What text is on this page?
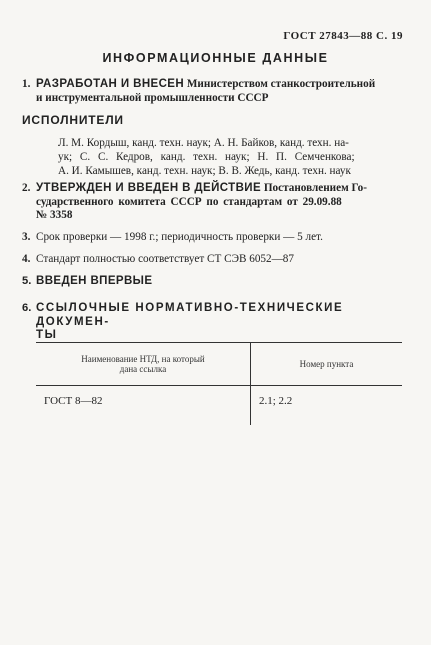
ГОСТ 27843—88 С. 19
ИНФОРМАЦИОННЫЕ ДАННЫЕ
1. РАЗРАБОТАН И ВНЕСЕН Министерством станкостроительной
и инструментальной промышленности СССР
ИСПОЛНИТЕЛИ
Л. М. Кордыш, канд. техн. наук; А. Н. Байков, канд. техн. на-
ук; С. С. Кедров, канд. техн. наук; Н. П. Семченкова;
А. И. Камышев, канд. техн. наук; В. В. Жедь, канд. техн. наук
2. УТВЕРЖДЕН И ВВЕДЕН В ДЕЙСТВИЕ Постановлением Го-
сударственного комитета СССР по стандартам от 29.09.88
№ 3358
3. Срок проверки — 1998 г.; периодичность проверки — 5 лет.
4. Стандарт полностью соответствует СТ СЭВ 6052—87
5. ВВЕДЕН ВПЕРВЫЕ
6. ССЫЛОЧНЫЕ НОРМАТИВНО-ТЕХНИЧЕСКИЕ ДОКУМЕН-
ТЫ
Наименование НТД, на который
дана ссылка	Номер пункта
ГОСТ 8—82	2.1; 2.2
